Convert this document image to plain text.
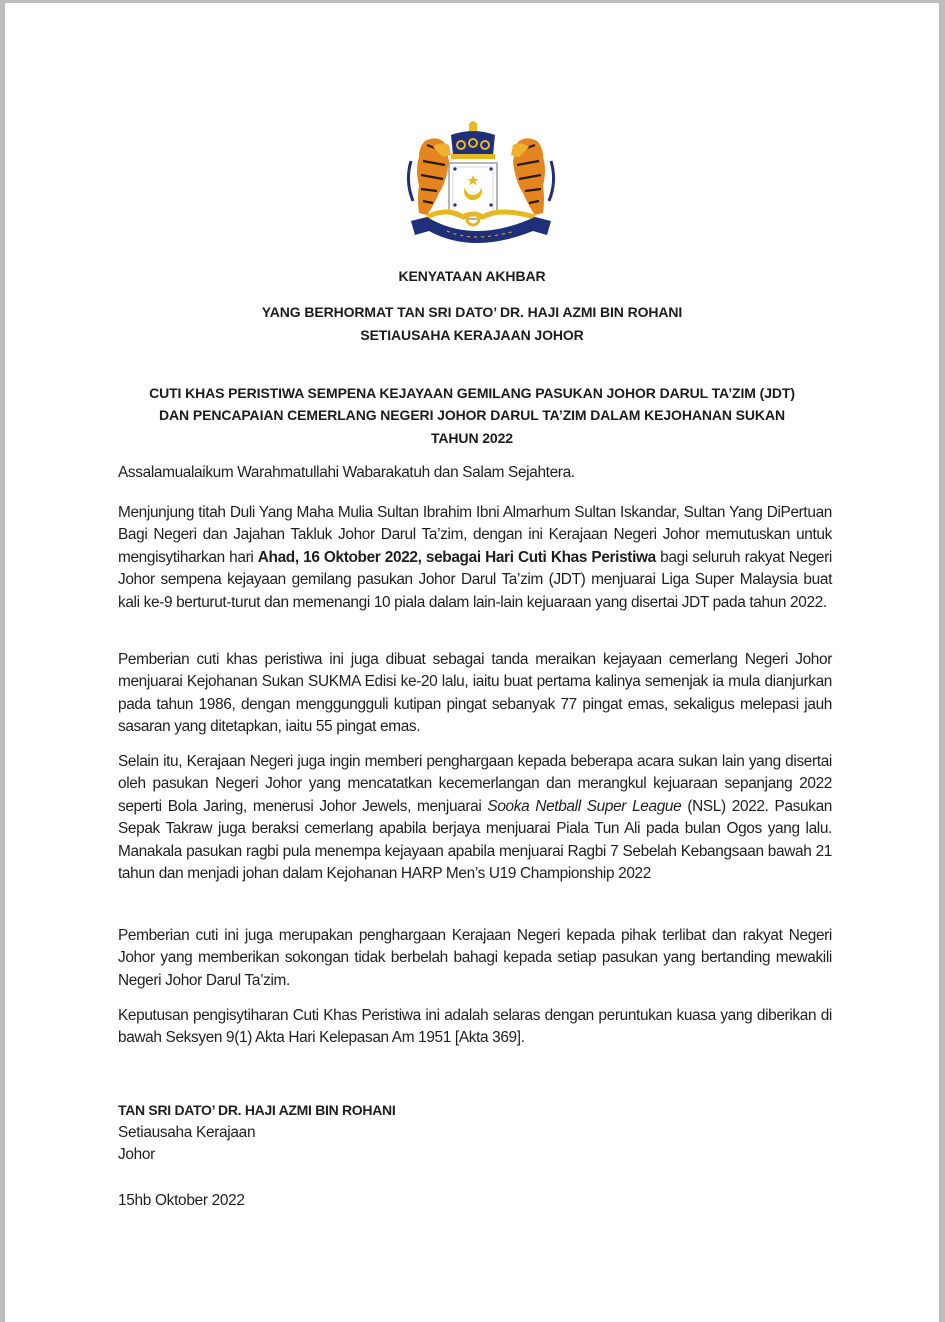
KENYATAAN AKHBAR
YANG BERHORMAT TAN SRI DATO’ DR. HAJI AZMI BIN ROHANI
SETIAUSAHA KERAJAAN JOHOR
CUTI KHAS PERISTIWA SEMPENA KEJAYAAN GEMILANG PASUKAN JOHOR DARUL TA’ZIM (JDT)
DAN PENCAPAIAN CEMERLANG NEGERI JOHOR DARUL TA’ZIM DALAM KEJOHANAN SUKAN
TAHUN 2022
Assalamualaikum Warahmatullahi Wabarakatuh dan Salam Sejahtera.
Menjunjung titah Duli Yang Maha Mulia Sultan Ibrahim Ibni Almarhum Sultan Iskandar, Sultan Yang DiPertuan Bagi Negeri dan Jajahan Takluk Johor Darul Ta’zim, dengan ini Kerajaan Negeri Johor memutuskan untuk mengisytiharkan hari Ahad, 16 Oktober 2022, sebagai Hari Cuti Khas Peristiwa bagi seluruh rakyat Negeri Johor sempena kejayaan gemilang pasukan Johor Darul Ta’zim (JDT) menjuarai Liga Super Malaysia buat kali ke-9 berturut-turut dan memenangi 10 piala dalam lain-lain kejuaraan yang disertai JDT pada tahun 2022.
Pemberian cuti khas peristiwa ini juga dibuat sebagai tanda meraikan kejayaan cemerlang Negeri Johor menjuarai Kejohanan Sukan SUKMA Edisi ke-20 lalu, iaitu buat pertama kalinya semenjak ia mula dianjurkan pada tahun 1986, dengan menggungguli kutipan pingat sebanyak 77 pingat emas, sekaligus melepasi jauh sasaran yang ditetapkan, iaitu 55 pingat emas.
Selain itu, Kerajaan Negeri juga ingin memberi penghargaan kepada beberapa acara sukan lain yang disertai oleh pasukan Negeri Johor yang mencatatkan kecemerlangan dan merangkul kejuaraan sepanjang 2022 seperti Bola Jaring, menerusi Johor Jewels, menjuarai Sooka Netball Super League (NSL) 2022. Pasukan Sepak Takraw juga beraksi cemerlang apabila berjaya menjuarai Piala Tun Ali pada bulan Ogos yang lalu. Manakala pasukan ragbi pula menempa kejayaan apabila menjuarai Ragbi 7 Sebelah Kebangsaan bawah 21 tahun dan menjadi johan dalam Kejohanan HARP Men’s U19 Championship 2022
Pemberian cuti ini juga merupakan penghargaan Kerajaan Negeri kepada pihak terlibat dan rakyat Negeri Johor yang memberikan sokongan tidak berbelah bahagi kepada setiap pasukan yang bertanding mewakili Negeri Johor Darul Ta’zim.
Keputusan pengisytiharan Cuti Khas Peristiwa ini adalah selaras dengan peruntukan kuasa yang diberikan di bawah Seksyen 9(1) Akta Hari Kelepasan Am 1951 [Akta 369].
TAN SRI DATO’ DR. HAJI AZMI BIN ROHANI
Setiausaha Kerajaan
Johor
15hb Oktober 2022
